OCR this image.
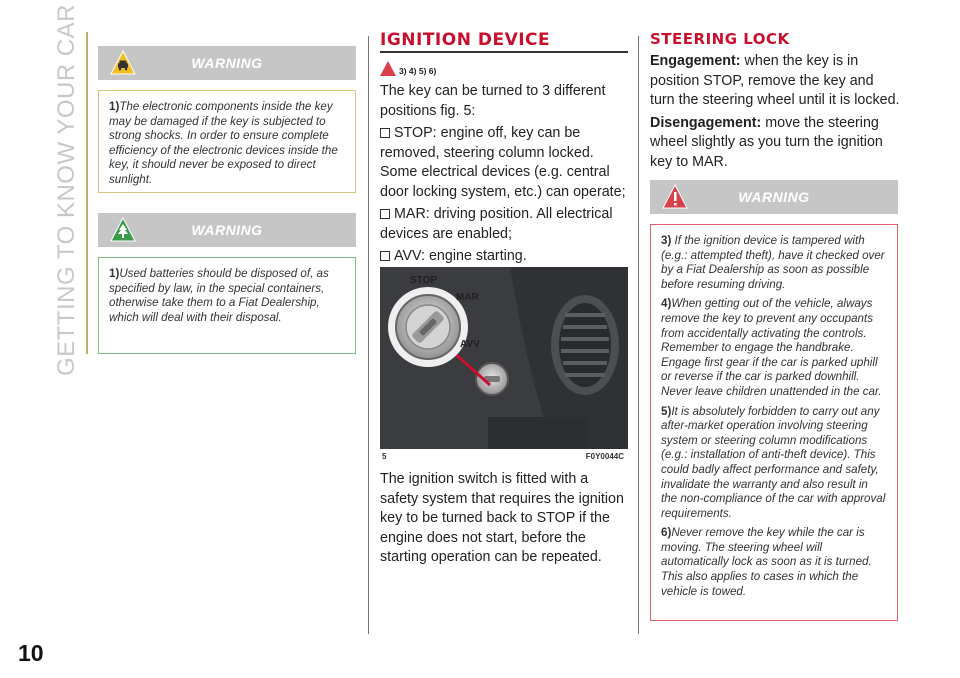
GETTING TO KNOW YOUR CAR
10
WARNING

1)The electronic components inside the key may be damaged if the key is subjected to strong shocks. In order to ensure complete efficiency of the electronic devices inside the key, it should never be exposed to direct sunlight.

WARNING

1)Used batteries should be disposed of, as specified by law, in the special containers, otherwise take them to a Fiat Dealership, which will deal with their disposal.

IGNITION DEVICE
3) 4) 5) 6)

The key can be turned to 3 different positions fig. 5:

STOP: engine off, key can be removed, steering column locked. Some electrical devices (e.g. central door locking system, etc.) can operate;

MAR: driving position. All electrical devices are enabled;

AVV: engine starting.

STOP
MAR
AVV
5	F0Y0044C

The ignition switch is fitted with a safety system that requires the ignition key to be turned back to STOP if the engine does not start, before the starting operation can be repeated.

STEERING LOCK

Engagement: when the key is in position STOP, remove the key and turn the steering wheel until it is locked.

Disengagement: move the steering wheel slightly as you turn the ignition key to MAR.

WARNING

3) If the ignition device is tampered with (e.g.: attempted theft), have it checked over by a Fiat Dealership as soon as possible before resuming driving.

4)When getting out of the vehicle, always remove the key to prevent any occupants from accidentally activating the controls. Remember to engage the handbrake. Engage first gear if the car is parked uphill or reverse if the car is parked downhill. Never leave children unattended in the car.

5)It is absolutely forbidden to carry out any after-market operation involving steering system or steering column modifications (e.g.: installation of anti-theft device). This could badly affect performance and safety, invalidate the warranty and also result in the non-compliance of the car with approval requirements.

6)Never remove the key while the car is moving. The steering wheel will automatically lock as soon as it is turned. This also applies to cases in which the vehicle is towed.
